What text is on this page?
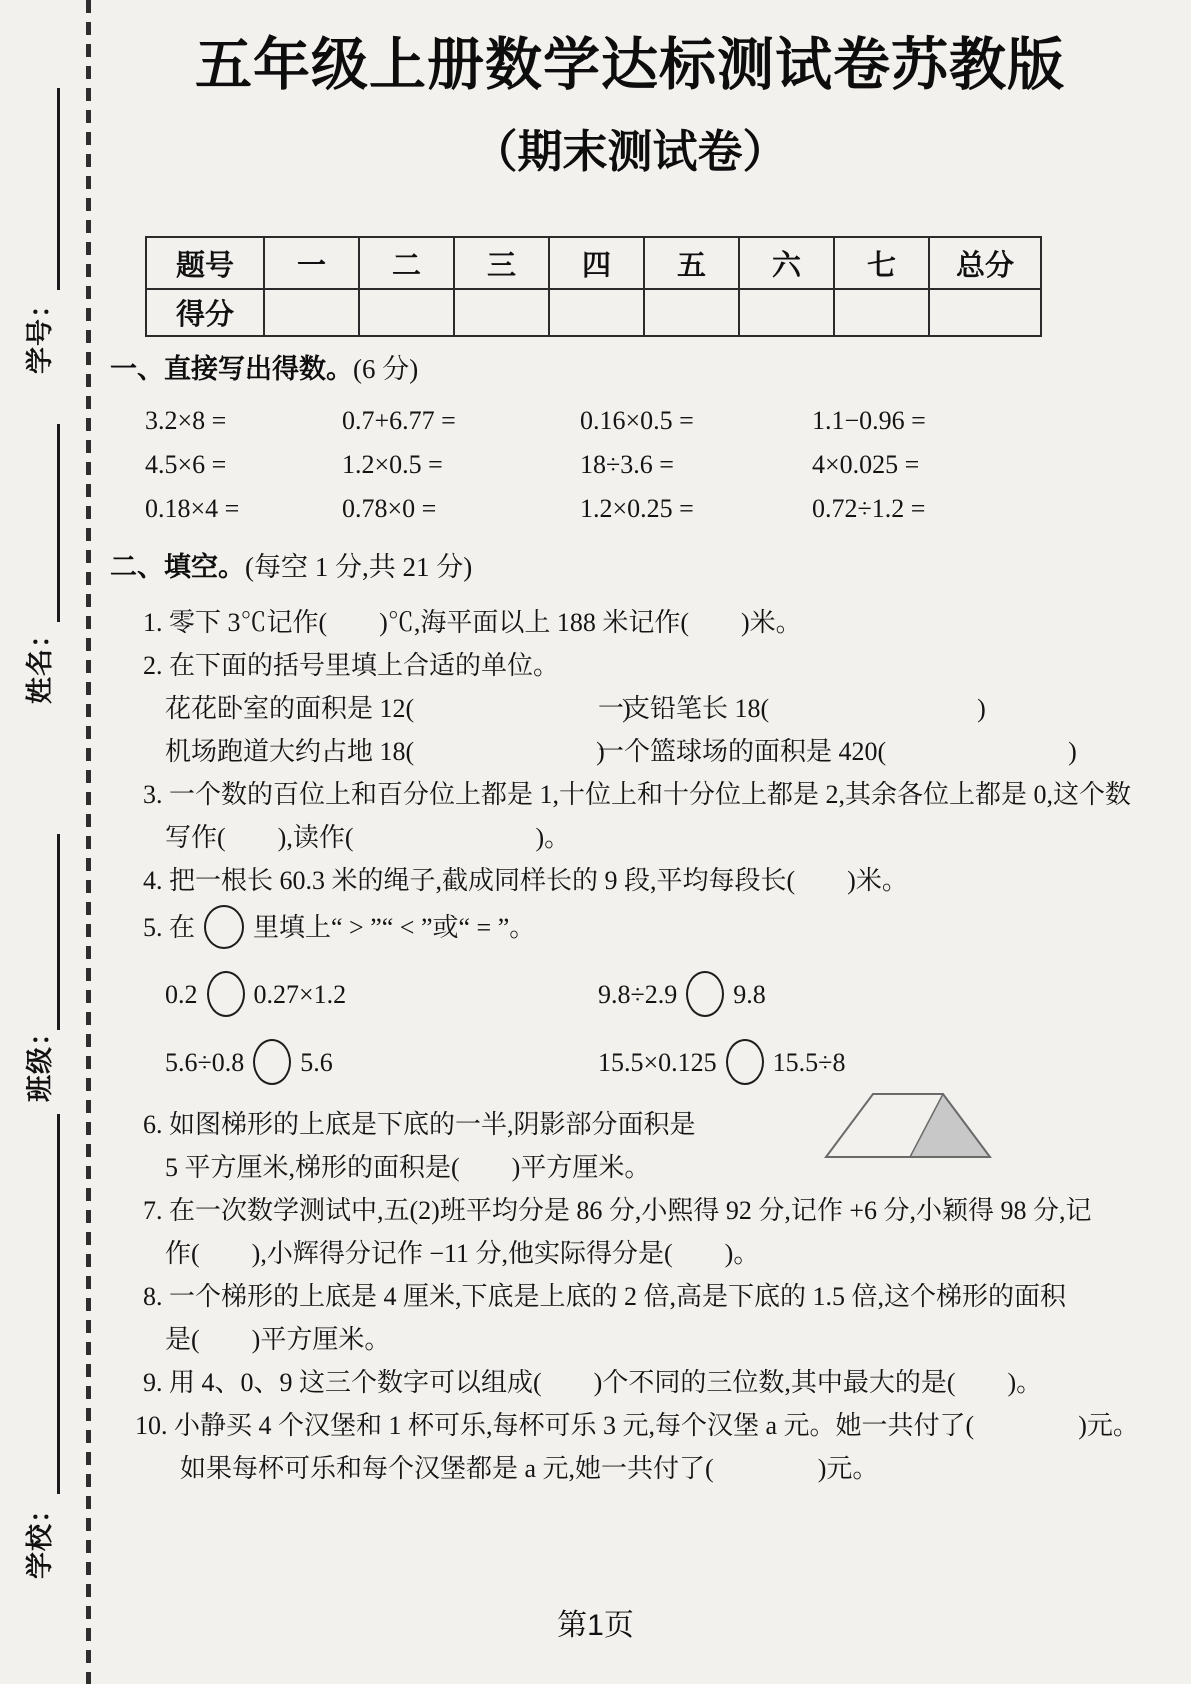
学号：
姓名：
班级：
学校：
五年级上册数学达标测试卷苏教版
（期末测试卷）
题号	一	二	三	四	五	六	七	总分
得分								
一、直接写出得数。(6 分)
3.2×8 =	0.7+6.77 =	0.16×0.5 =	1.1−0.96 =
4.5×6 =	1.2×0.5 =	18÷3.6 =	4×0.025 =
0.18×4 =	0.78×0 =	1.2×0.25 =	0.72÷1.2 =
二、填空。(每空 1 分,共 21 分)
1. 零下 3℃记作(　　)℃,海平面以上 188 米记作(　　)米。
2. 在下面的括号里填上合适的单位。
花花卧室的面积是 12(　　　　　　　　)
一支铅笔长 18(　　　　　　　　)
机场跑道大约占地 18(　　　　　　　)
一个篮球场的面积是 420(　　　　　　　)
3. 一个数的百位上和百分位上都是 1,十位上和十分位上都是 2,其余各位上都是 0,这个数
写作(　　),读作(　　　　　　　)。
4. 把一根长 60.3 米的绳子,截成同样长的 9 段,平均每段长(　　)米。
5. 在 里填上“ > ”“ < ”或“ = ”。
0.2 0.27×1.2	9.8÷2.9 9.8
5.6÷0.8 5.6	15.5×0.125 15.5÷8
6. 如图梯形的上底是下底的一半,阴影部分面积是
5 平方厘米,梯形的面积是(　　)平方厘米。
7. 在一次数学测试中,五(2)班平均分是 86 分,小熙得 92 分,记作 +6 分,小颖得 98 分,记
作(　　),小辉得分记作 −11 分,他实际得分是(　　)。
8. 一个梯形的上底是 4 厘米,下底是上底的 2 倍,高是下底的 1.5 倍,这个梯形的面积
是(　　)平方厘米。
9. 用 4、0、9 这三个数字可以组成(　　)个不同的三位数,其中最大的是(　　)。
10. 小静买 4 个汉堡和 1 杯可乐,每杯可乐 3 元,每个汉堡 a 元。她一共付了(　　　　)元。
如果每杯可乐和每个汉堡都是 a 元,她一共付了(　　　　)元。
第1页
